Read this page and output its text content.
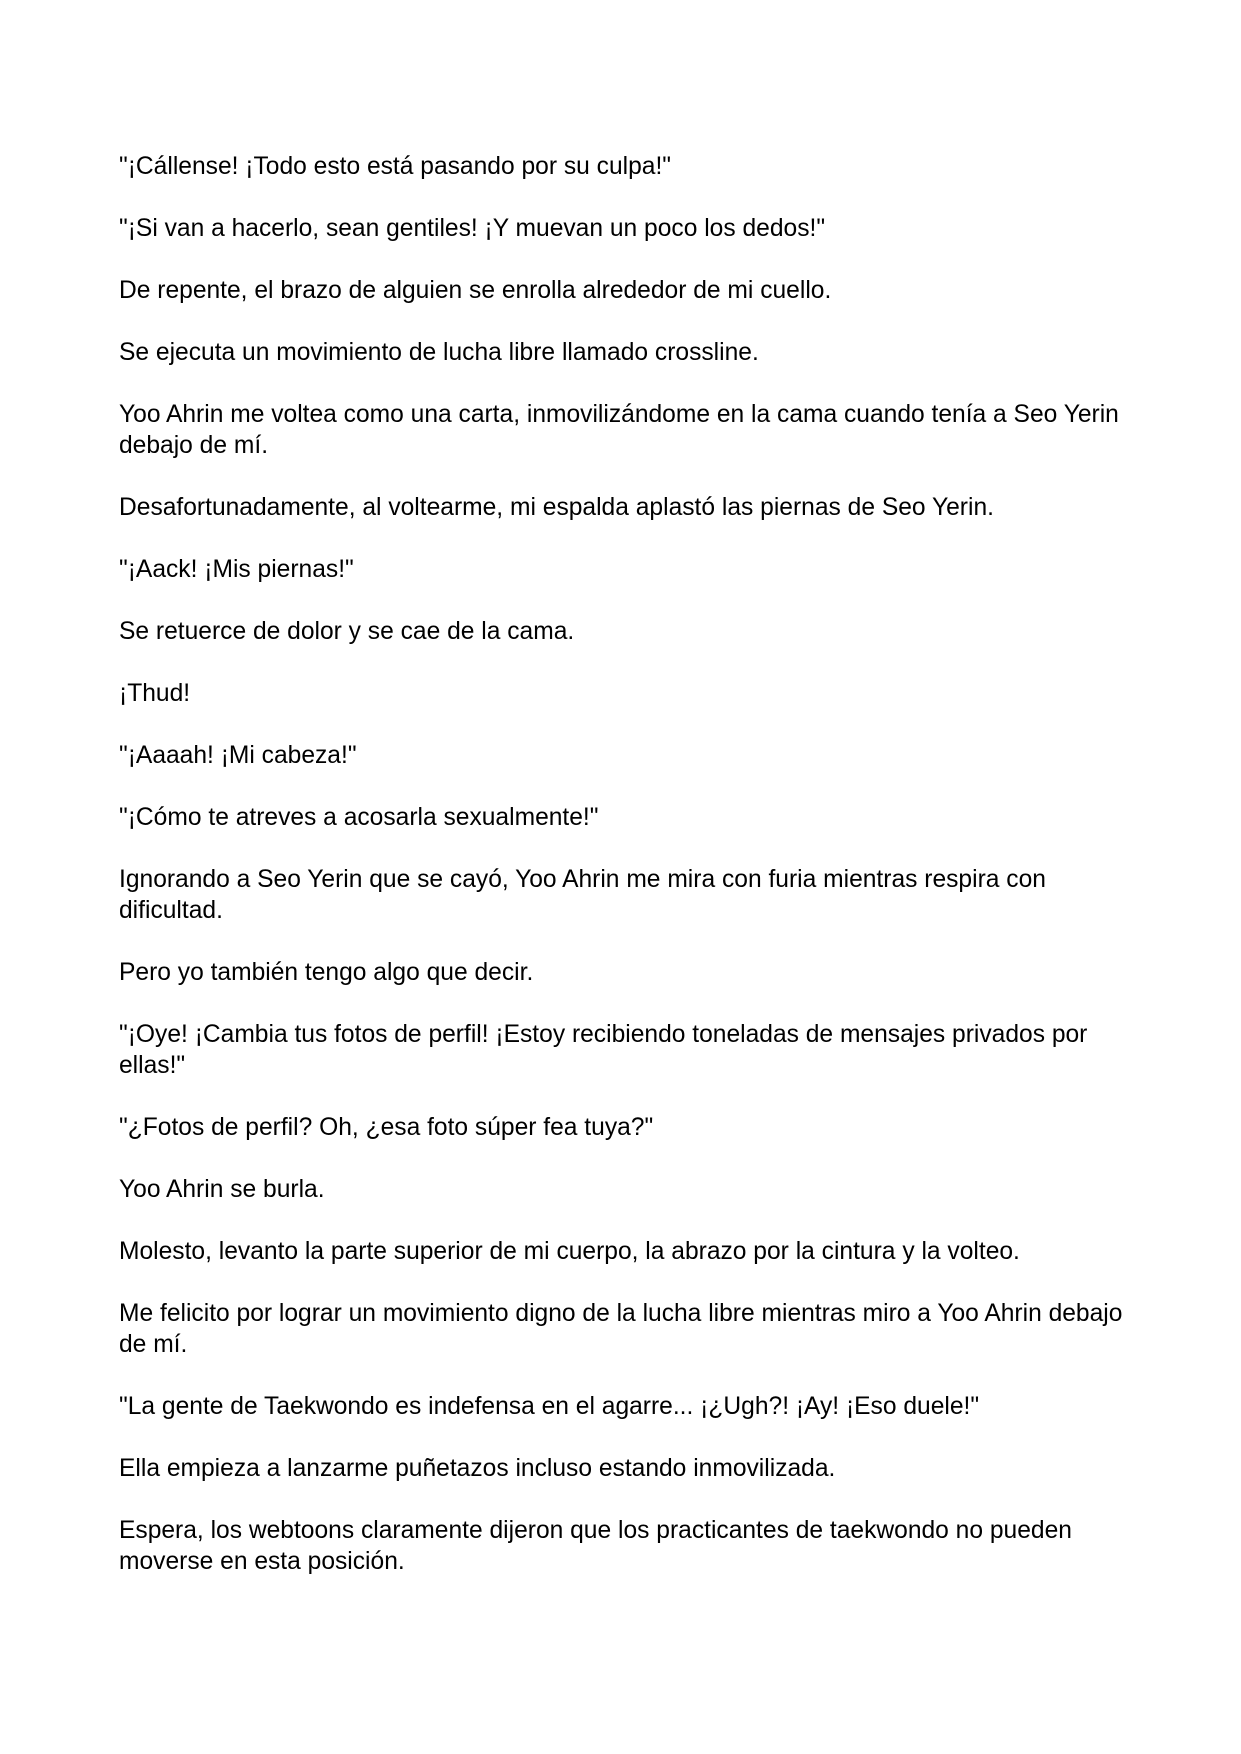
"¡Cállense! ¡Todo esto está pasando por su culpa!"

"¡Si van a hacerlo, sean gentiles! ¡Y muevan un poco los dedos!"

De repente, el brazo de alguien se enrolla alrededor de mi cuello.

Se ejecuta un movimiento de lucha libre llamado crossline.

Yoo Ahrin me voltea como una carta, inmovilizándome en la cama cuando tenía a Seo Yerin debajo de mí.

Desafortunadamente, al voltearme, mi espalda aplastó las piernas de Seo Yerin.

"¡Aack! ¡Mis piernas!"

Se retuerce de dolor y se cae de la cama.

¡Thud!

"¡Aaaah! ¡Mi cabeza!"

"¡Cómo te atreves a acosarla sexualmente!"

Ignorando a Seo Yerin que se cayó, Yoo Ahrin me mira con furia mientras respira con dificultad.

Pero yo también tengo algo que decir.

"¡Oye! ¡Cambia tus fotos de perfil! ¡Estoy recibiendo toneladas de mensajes privados por ellas!"

"¿Fotos de perfil? Oh, ¿esa foto súper fea tuya?"

Yoo Ahrin se burla.

Molesto, levanto la parte superior de mi cuerpo, la abrazo por la cintura y la volteo.

Me felicito por lograr un movimiento digno de la lucha libre mientras miro a Yoo Ahrin debajo de mí.

"La gente de Taekwondo es indefensa en el agarre... ¡¿Ugh?! ¡Ay! ¡Eso duele!"

Ella empieza a lanzarme puñetazos incluso estando inmovilizada.

Espera, los webtoons claramente dijeron que los practicantes de taekwondo no pueden moverse en esta posición.
